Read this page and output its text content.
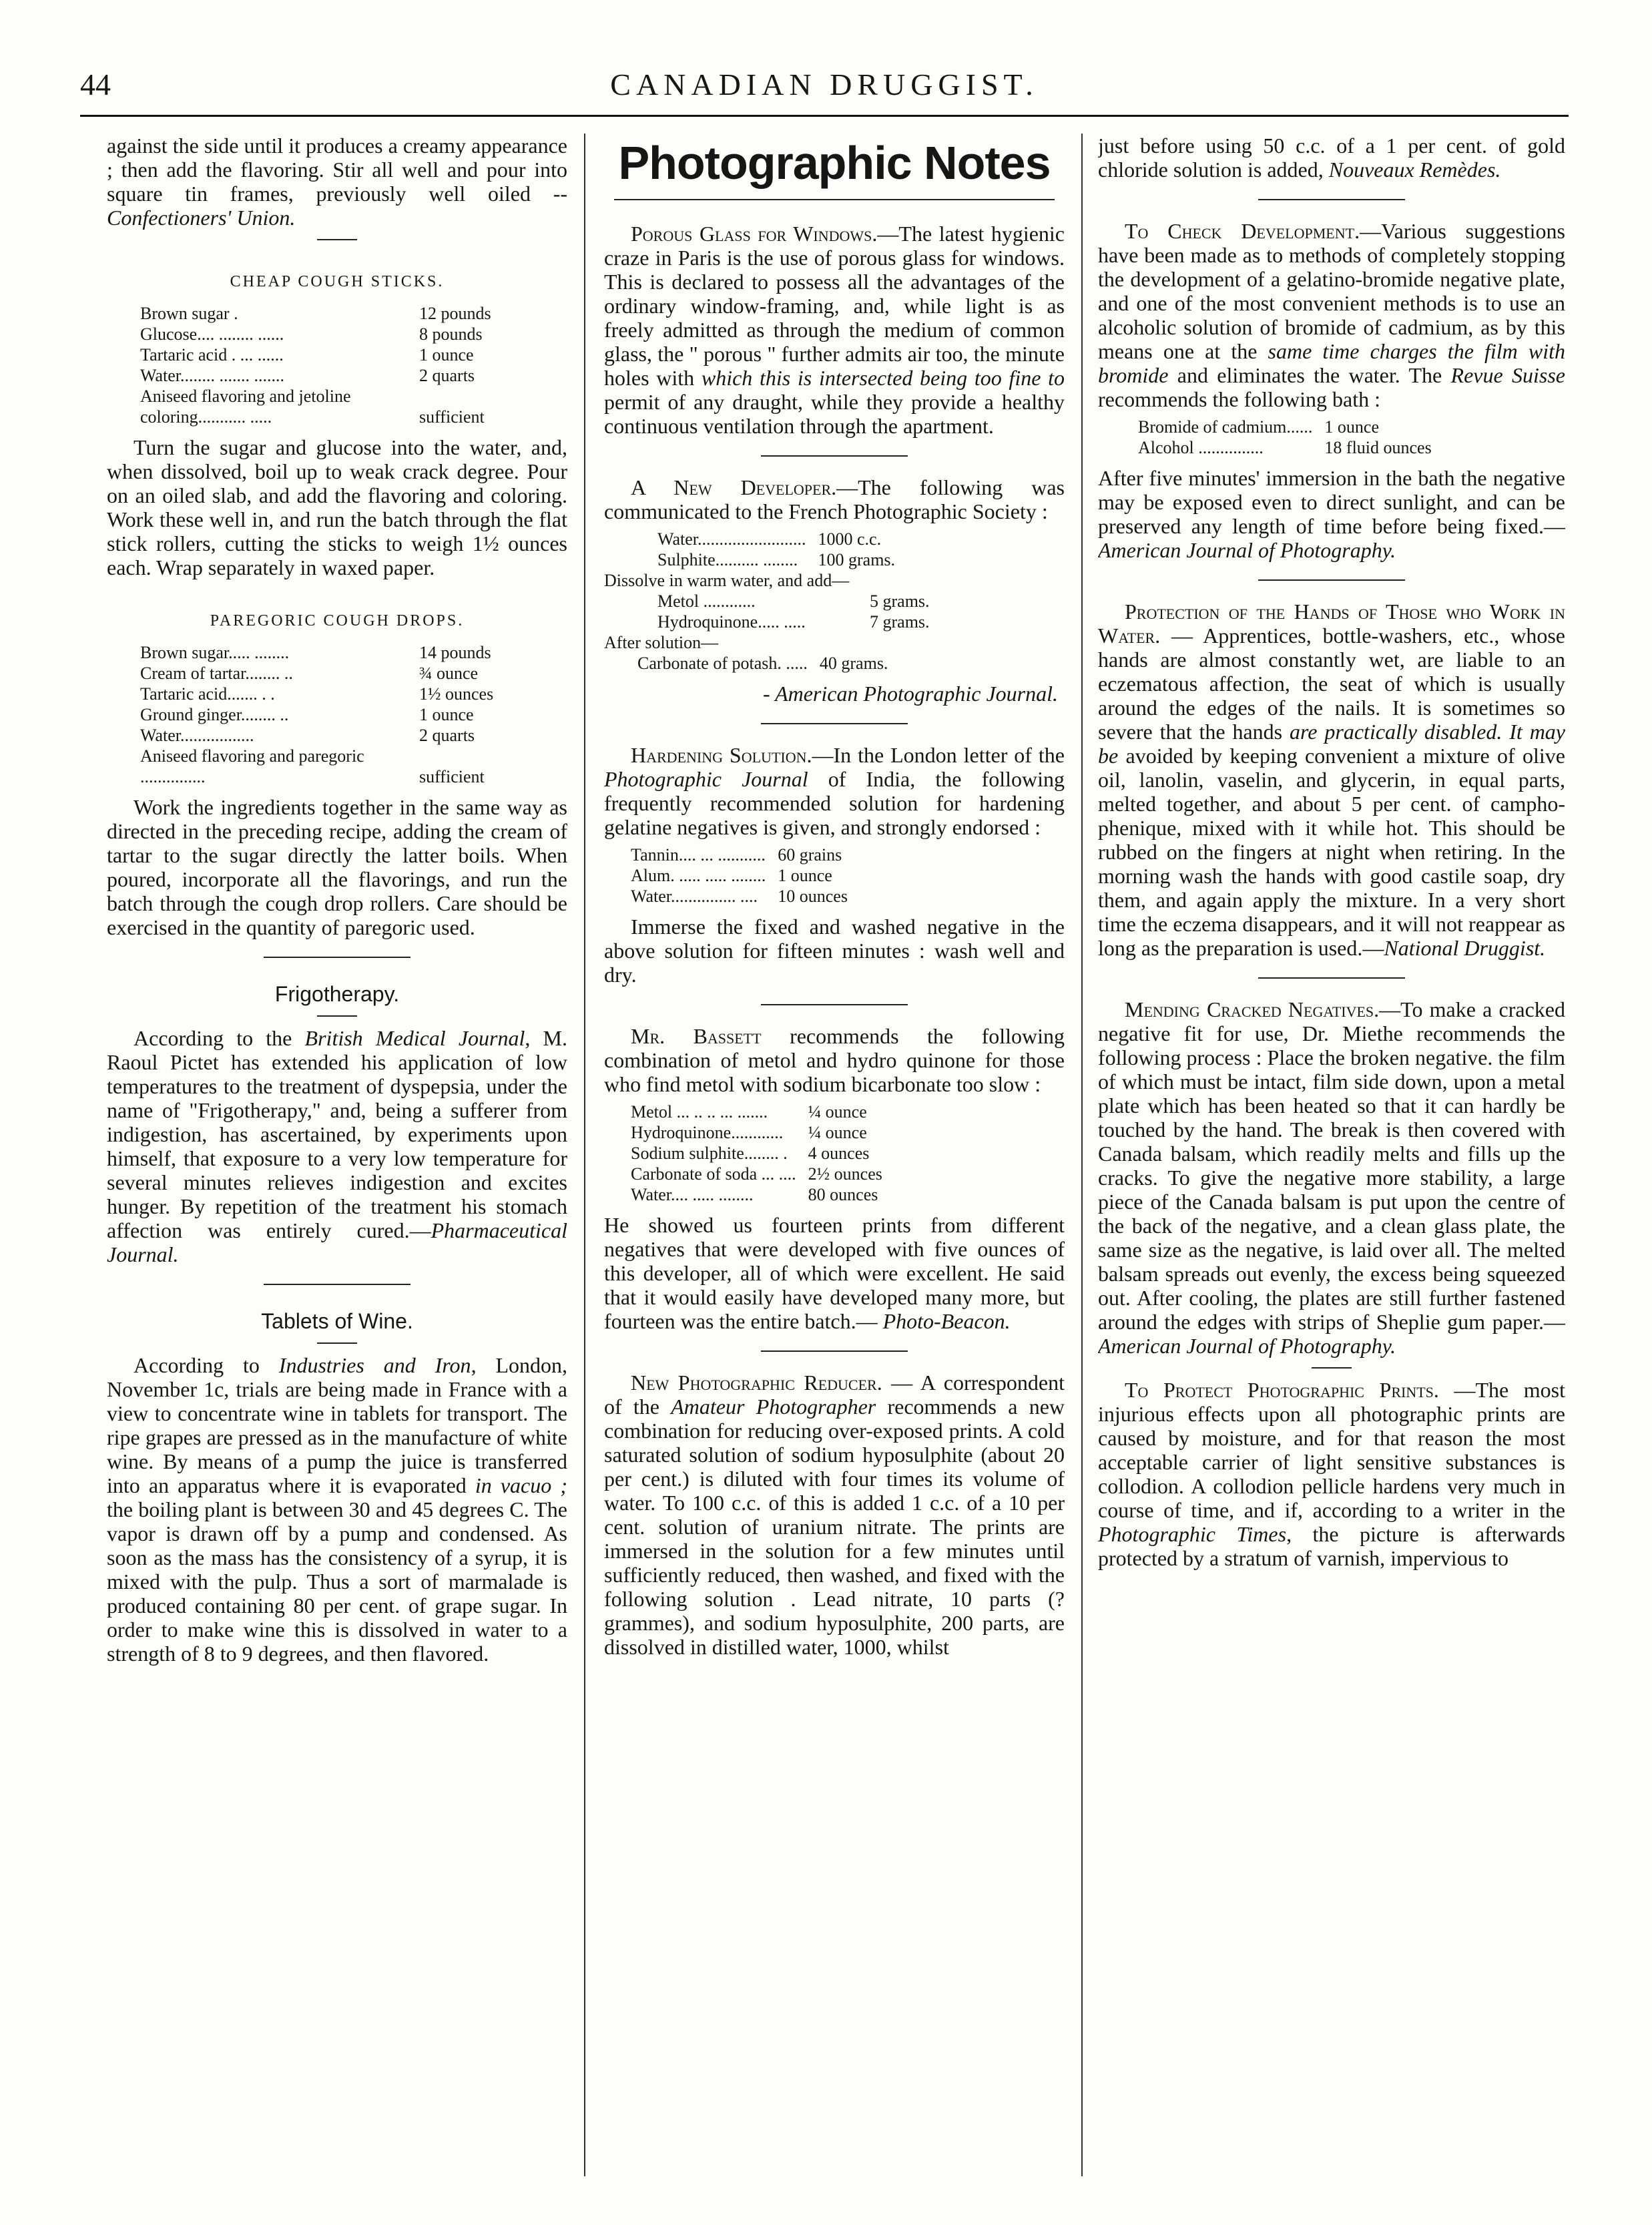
44	CANADIAN DRUGGIST.

against the side until it produces a creamy appearance ; then add the flavoring. Stir all well and pour into square tin frames, previously well oiled -- Confectioners' Union.

CHEAP COUGH STICKS.
Brown sugar .	12 pounds
Glucose.... ........ ......	8 pounds
Tartaric acid . ... ......	1 ounce
Water........ ....... .......	2 quarts
Aniseed flavoring and jetoline coloring........... .....	sufficient

Turn the sugar and glucose into the water, and, when dissolved, boil up to weak crack degree. Pour on an oiled slab, and add the flavoring and coloring. Work these well in, and run the batch through the flat stick rollers, cutting the sticks to weigh 1½ ounces each. Wrap separately in waxed paper.

PAREGORIC COUGH DROPS.
Brown sugar..... ........	14 pounds
Cream of tartar........ ..	¾ ounce
Tartaric acid....... . .	1½ ounces
Ground ginger........ ..	1 ounce
Water.................	2 quarts
Aniseed flavoring and paregoric ...............	sufficient

Work the ingredients together in the same way as directed in the preceding recipe, adding the cream of tartar to the sugar directly the latter boils. When poured, incorporate all the flavorings, and run the batch through the cough drop rollers. Care should be exercised in the quantity of paregoric used.

Frigotherapy.

According to the British Medical Journal, M. Raoul Pictet has extended his application of low temperatures to the treatment of dyspepsia, under the name of "Frigotherapy," and, being a sufferer from indigestion, has ascertained, by experiments upon himself, that exposure to a very low temperature for several minutes relieves indigestion and excites hunger. By repetition of the treatment his stomach affection was entirely cured.—Pharmaceutical Journal.

Tablets of Wine.

According to Industries and Iron, London, November 1c, trials are being made in France with a view to concentrate wine in tablets for transport. The ripe grapes are pressed as in the manufacture of white wine. By means of a pump the juice is transferred into an apparatus where it is evaporated in vacuo ; the boiling plant is between 30 and 45 degrees C. The vapor is drawn off by a pump and condensed. As soon as the mass has the consistency of a syrup, it is mixed with the pulp. Thus a sort of marmalade is produced containing 80 per cent. of grape sugar. In order to make wine this is dissolved in water to a strength of 8 to 9 degrees, and then flavored.

Photographic Notes

Porous Glass for Windows.—The latest hygienic craze in Paris is the use of porous glass for windows. This is declared to possess all the advantages of the ordinary window-framing, and, while light is as freely admitted as through the medium of common glass, the " porous " further admits air too, the minute holes with which this is intersected being too fine to permit of any draught, while they provide a healthy continuous ventilation through the apartment.

A New Developer.—The following was communicated to the French Photographic Society :

Water.........................	1000 c.c.
Sulphite.......... ........	100 grams.
Dissolve in warm water, and add—
Metol ............	5 grams.
Hydroquinone..... .....	7 grams.
After solution—
Carbonate of potash. .....	40 grams.
- American Photographic Journal.

Hardening Solution.—In the London letter of the Photographic Journal of India, the following frequently recommended solution for hardening gelatine negatives is given, and strongly endorsed :

Tannin.... ... ...........	60 grains
Alum. ..... ..... ........	1 ounce
Water............... ....	10 ounces

Immerse the fixed and washed negative in the above solution for fifteen minutes : wash well and dry.

Mr. Bassett recommends the following combination of metol and hydro quinone for those who find metol with sodium bicarbonate too slow :

Metol ... .. .. ... .......	¼ ounce
Hydroquinone............	¼ ounce
Sodium sulphite........ .	4 ounces
Carbonate of soda ... ....	2½ ounces
Water.... ..... ........	80 ounces

He showed us fourteen prints from different negatives that were developed with five ounces of this developer, all of which were excellent. He said that it would easily have developed many more, but fourteen was the entire batch.— Photo-Beacon.

New Photographic Reducer. — A correspondent of the Amateur Photographer recommends a new combination for reducing over-exposed prints. A cold saturated solution of sodium hyposulphite (about 20 per cent.) is diluted with four times its volume of water. To 100 c.c. of this is added 1 c.c. of a 10 per cent. solution of uranium nitrate. The prints are immersed in the solution for a few minutes until sufficiently reduced, then washed, and fixed with the following solution . Lead nitrate, 10 parts (? grammes), and sodium hyposulphite, 200 parts, are dissolved in distilled water, 1000, whilst

just before using 50 c.c. of a 1 per cent. of gold chloride solution is added, Nouveaux Remèdes.

To Check Development.—Various suggestions have been made as to methods of completely stopping the development of a gelatino-bromide negative plate, and one of the most convenient methods is to use an alcoholic solution of bromide of cadmium, as by this means one at the same time charges the film with bromide and eliminates the water. The Revue Suisse recommends the following bath :

Bromide of cadmium......	1 ounce
Alcohol ...............	18 fluid ounces

After five minutes' immersion in the bath the negative may be exposed even to direct sunlight, and can be preserved any length of time before being fixed.—American Journal of Photography.

Protection of the Hands of Those who Work in Water. — Apprentices, bottle-washers, etc., whose hands are almost constantly wet, are liable to an eczematous affection, the seat of which is usually around the edges of the nails. It is sometimes so severe that the hands are practically disabled. It may be avoided by keeping convenient a mixture of olive oil, lanolin, vaselin, and glycerin, in equal parts, melted together, and about 5 per cent. of campho-phenique, mixed with it while hot. This should be rubbed on the fingers at night when retiring. In the morning wash the hands with good castile soap, dry them, and again apply the mixture. In a very short time the eczema disappears, and it will not reappear as long as the preparation is used.—National Druggist.

Mending Cracked Negatives.—To make a cracked negative fit for use, Dr. Miethe recommends the following process : Place the broken negative. the film of which must be intact, film side down, upon a metal plate which has been heated so that it can hardly be touched by the hand. The break is then covered with Canada balsam, which readily melts and fills up the cracks. To give the negative more stability, a large piece of the Canada balsam is put upon the centre of the back of the negative, and a clean glass plate, the same size as the negative, is laid over all. The melted balsam spreads out evenly, the excess being squeezed out. After cooling, the plates are still further fastened around the edges with strips of Sheplie gum paper.—American Journal of Photography.

To Protect Photographic Prints. —The most injurious effects upon all photographic prints are caused by moisture, and for that reason the most acceptable carrier of light sensitive substances is collodion. A collodion pellicle hardens very much in course of time, and if, according to a writer in the Photographic Times, the picture is afterwards protected by a stratum of varnish, impervious to
